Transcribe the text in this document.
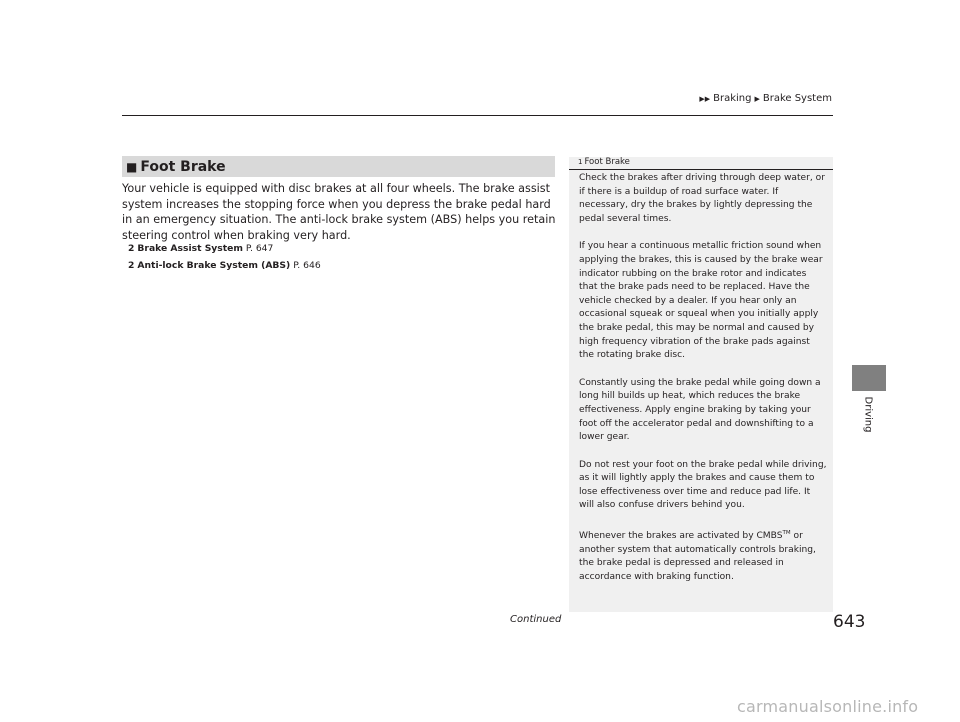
▶▶ Braking ▶ Brake System
■ Foot Brake
Your vehicle is equipped with disc brakes at all four wheels. The brake assist system increases the stopping force when you depress the brake pedal hard in an emergency situation. The anti-lock brake system (ABS) helps you retain steering control when braking very hard.
2 Brake Assist System P. 647
2 Anti-lock Brake System (ABS) P. 646
1 Foot Brake

Check the brakes after driving through deep water, or if there is a buildup of road surface water. If necessary, dry the brakes by lightly depressing the pedal several times.

If you hear a continuous metallic friction sound when applying the brakes, this is caused by the brake wear indicator rubbing on the brake rotor and indicates that the brake pads need to be replaced. Have the vehicle checked by a dealer. If you hear only an occasional squeak or squeal when you initially apply the brake pedal, this may be normal and caused by high frequency vibration of the brake pads against the rotating brake disc.

Constantly using the brake pedal while going down a long hill builds up heat, which reduces the brake effectiveness. Apply engine braking by taking your foot off the accelerator pedal and downshifting to a lower gear.

Do not rest your foot on the brake pedal while driving, as it will lightly apply the brakes and cause them to lose effectiveness over time and reduce pad life. It will also confuse drivers behind you.

Whenever the brakes are activated by CMBS™ or another system that automatically controls braking, the brake pedal is depressed and released in accordance with braking function.

Driving
Continued	643
carmanualsonline.info
